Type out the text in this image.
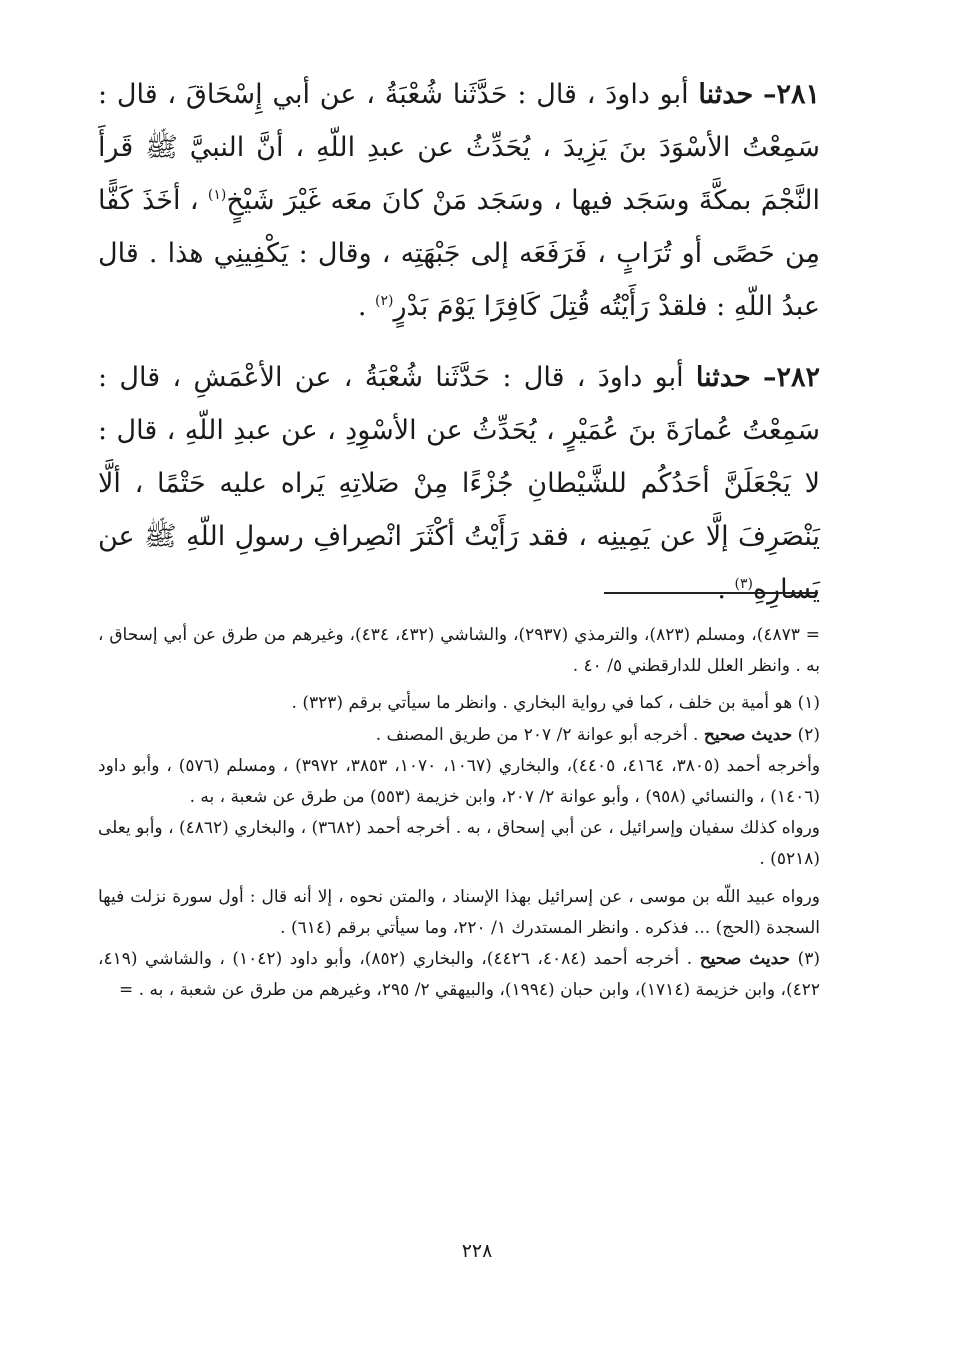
٢٨١– حدثنا أبو داودَ ، قال : حَدَّثَنا شُعْبَةُ ، عن أبي إِسْحَاقَ ، قال : سَمِعْتُ الأسْوَدَ بنَ يَزِيدَ ، يُحَدِّثُ عن عبدِ اللّهِ ، أنَّ النبيَّ ﷺ قَرأَ النَّجْمَ بمكَّةَ وسَجَد فيها ، وسَجَد مَنْ كانَ معَه غَيْرَ شَيْخٍ$^{(١)}$ ، أخَذَ كَفًّا مِن حَصًى أو تُرَابٍ ، فَرَفَعَه إلى جَبْهَتِه ، وقال : يَكْفِينِي هذا . قال عبدُ اللّهِ : فلقدْ رَأَيْتُه قُتِلَ كَافِرًا يَوْمَ بَدْرٍ$^{(٢)}$ .

٢٨٢– حدثنا أبو داودَ ، قال : حَدَّثَنا شُعْبَةُ ، عن الأعْمَشِ ، قال : سَمِعْتُ عُمارَةَ بنَ عُمَيْرٍ ، يُحَدِّثُ عن الأسْوِدِ ، عن عبدِ اللّهِ ، قال : لا يَجْعَلَنَّ أحَدُكُم للشَّيْطانِ جُزْءًا مِنْ صَلاتِهِ يَراه عليه حَتْمًا ، ألَّا يَنْصَرِفَ إلَّا عن يَمِينِه ، فقد رَأَيْتُ أكْثَرَ انْصِرافِ رسولِ اللّهِ ﷺ عن يَسارِهِ$^{(٣)}$ .

= ٤٨٧٣)، ومسلم (٨٢٣)، والترمذي (٢٩٣٧)، والشاشي (٤٣٢، ٤٣٤)، وغيرهم من طرق عن أبي إسحاق ، به . وانظر العلل للدارقطني ٥/ ٤٠ .

(١) هو أمية بن خلف ، كما في رواية البخاري . وانظر ما سيأتي برقم (٣٢٣) .

(٢) حديث صحيح . أخرجه أبو عوانة ٢/ ٢٠٧ من طريق المصنف .

وأخرجه أحمد (٣٨٠٥، ٤١٦٤، ٤٤٠٥)، والبخاري (١٠٦٧، ١٠٧٠، ٣٨٥٣، ٣٩٧٢) ، ومسلم (٥٧٦) ، وأبو داود (١٤٠٦) ، والنسائي (٩٥٨) ، وأبو عوانة ٢/ ٢٠٧، وابن خزيمة (٥٥٣) من طرق عن شعبة ، به .

ورواه كذلك سفيان وإسرائيل ، عن أبي إسحاق ، به . أخرجه أحمد (٣٦٨٢) ، والبخاري (٤٨٦٢) ، وأبو يعلى (٥٢١٨) .

ورواه عبيد اللّه بن موسى ، عن إسرائيل بهذا الإسناد ، والمتن نحوه ، إلا أنه قال : أول سورة نزلت فيها السجدة (الحج) ... فذكره . وانظر المستدرك ١/ ٢٢٠، وما سيأتي برقم (٦١٤) .

(٣) حديث صحيح . أخرجه أحمد (٤٠٨٤، ٤٤٢٦)، والبخاري (٨٥٢)، وأبو داود (١٠٤٢) ، والشاشي (٤١٩، ٤٢٢)، وابن خزيمة (١٧١٤)، وابن حبان (١٩٩٤)، والبيهقي ٢/ ٢٩٥، وغيرهم من طرق عن شعبة ، به . =

٢٢٨
